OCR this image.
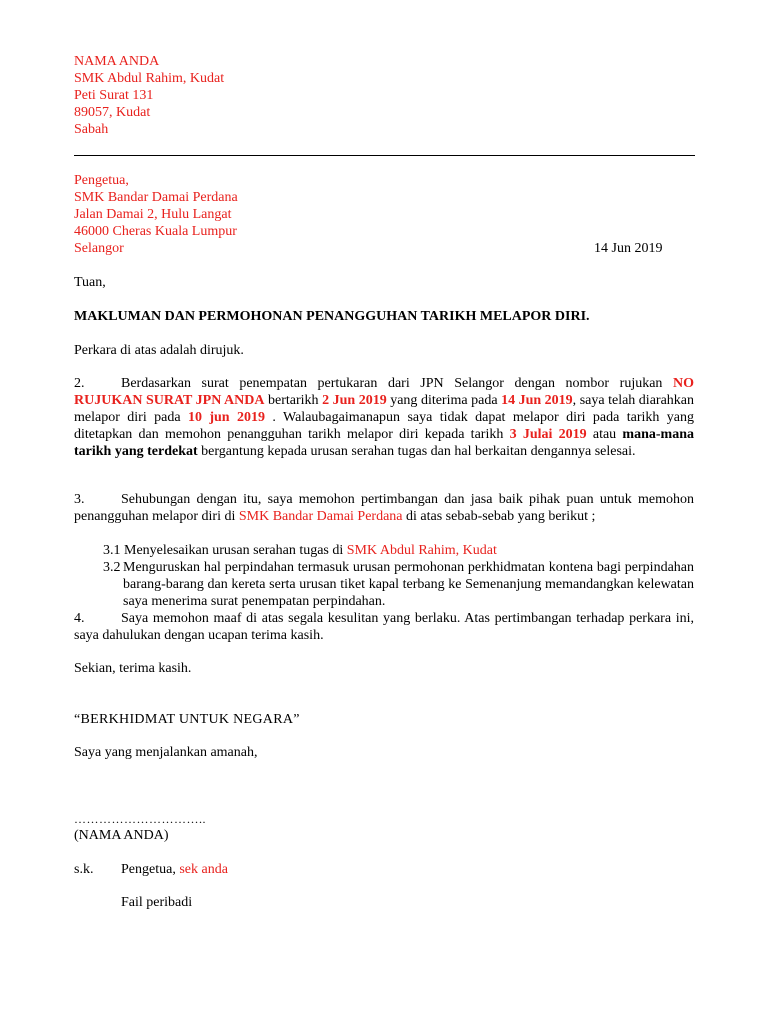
NAMA ANDA
SMK Abdul Rahim, Kudat
Peti Surat 131
89057, Kudat
Sabah
Pengetua,
SMK Bandar Damai Perdana
Jalan Damai 2, Hulu Langat
46000 Cheras Kuala Lumpur
Selangor	14 Jun 2019
Tuan,
MAKLUMAN DAN PERMOHONAN PENANGGUHAN TARIKH MELAPOR DIRI.
Perkara di atas adalah dirujuk.
2.	Berdasarkan surat penempatan pertukaran dari JPN Selangor dengan nombor rujukan NO RUJUKAN SURAT JPN ANDA bertarikh 2 Jun 2019 yang diterima pada 14 Jun 2019, saya telah diarahkan melapor diri pada 10 jun 2019 . Walaubagaimanapun saya tidak dapat melapor diri pada tarikh yang ditetapkan dan memohon penangguhan tarikh melapor diri kepada tarikh 3 Julai 2019 atau mana-mana tarikh yang terdekat bergantung kepada urusan serahan tugas dan hal berkaitan dengannya selesai.
3.	Sehubungan dengan itu, saya memohon pertimbangan dan jasa baik pihak puan untuk memohon penangguhan melapor diri di SMK Bandar Damai Perdana di atas sebab-sebab yang berikut ;
3.1 Menyelesaikan urusan serahan tugas di SMK Abdul Rahim, Kudat
3.2 Menguruskan hal perpindahan termasuk urusan permohonan perkhidmatan kontena bagi perpindahan barang-barang dan kereta serta urusan tiket kapal terbang ke Semenanjung memandangkan kelewatan saya menerima surat penempatan perpindahan.
4.	Saya memohon maaf di atas segala kesulitan yang berlaku. Atas pertimbangan terhadap perkara ini, saya dahulukan dengan ucapan terima kasih.
Sekian, terima kasih.
“BERKHIDMAT UNTUK NEGARA”
Saya yang menjalankan amanah,
…………………………..
(NAMA ANDA)
s.k. Pengetua, sek anda
Fail peribadi
